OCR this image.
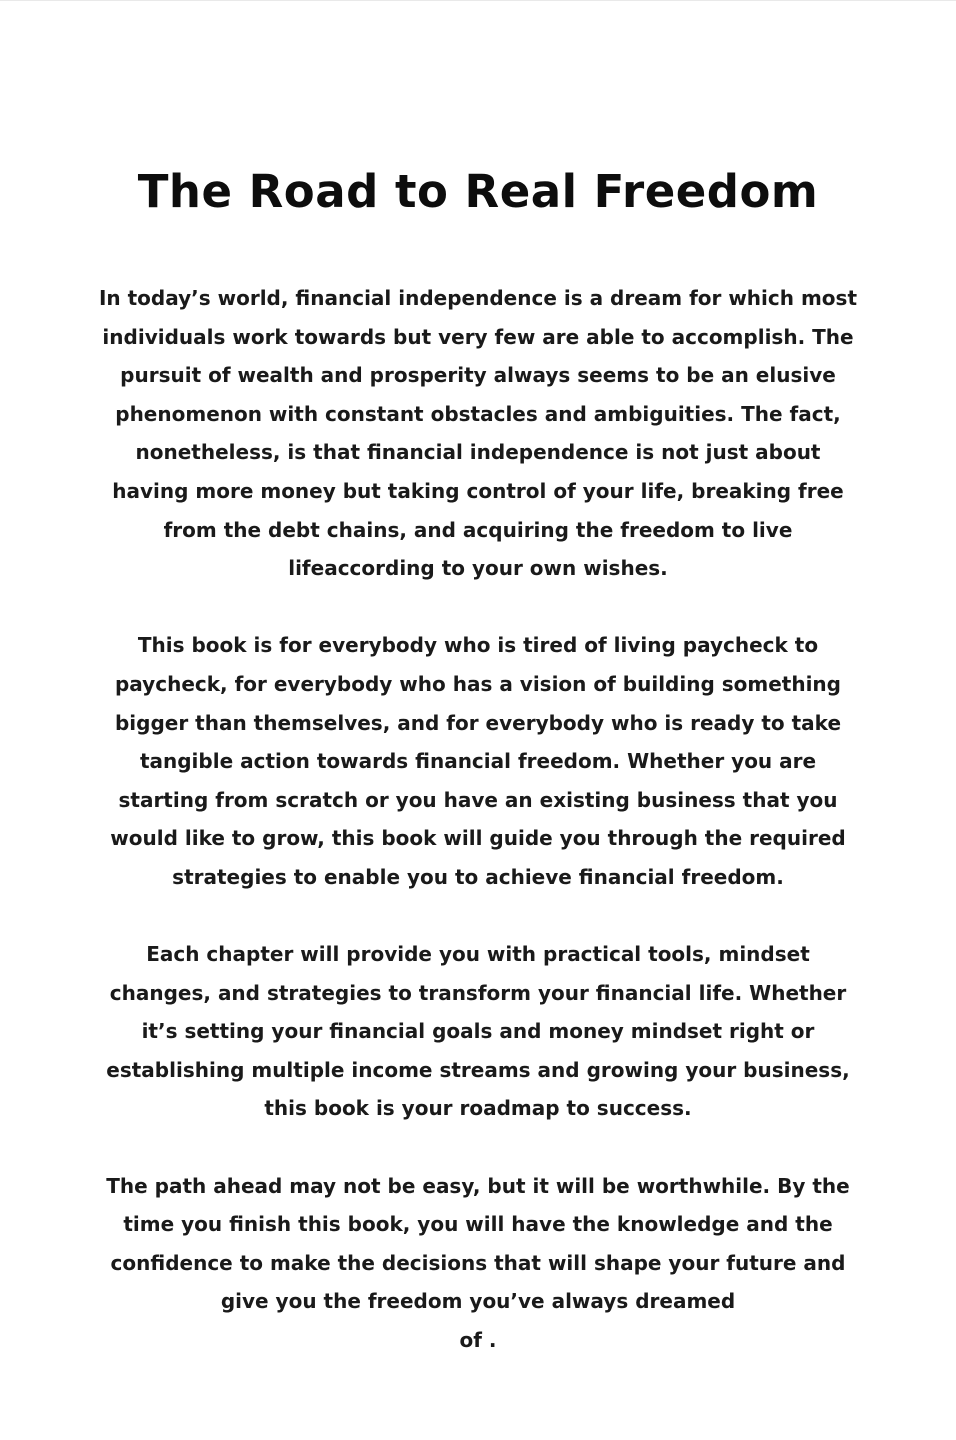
The Road to Real Freedom

In today’s world, financial independence is a dream for which most
individuals work towards but very few are able to accomplish. The
pursuit of wealth and prosperity always seems to be an elusive
phenomenon with constant obstacles and ambiguities. The fact,
nonetheless, is that financial independence is not just about
having more money but taking control of your life, breaking free
from the debt chains, and acquiring the freedom to live
lifeaccording to your own wishes.

This book is for everybody who is tired of living paycheck to
paycheck, for everybody who has a vision of building something
bigger than themselves, and for everybody who is ready to take
tangible action towards financial freedom. Whether you are
starting from scratch or you have an existing business that you
would like to grow, this book will guide you through the required
strategies to enable you to achieve financial freedom.

Each chapter will provide you with practical tools, mindset
changes, and strategies to transform your financial life. Whether
it’s setting your financial goals and money mindset right or
establishing multiple income streams and growing your business,
this book is your roadmap to success.

The path ahead may not be easy, but it will be worthwhile. By the
time you finish this book, you will have the knowledge and the
confidence to make the decisions that will shape your future and
give you the freedom you’ve always dreamed
of .
